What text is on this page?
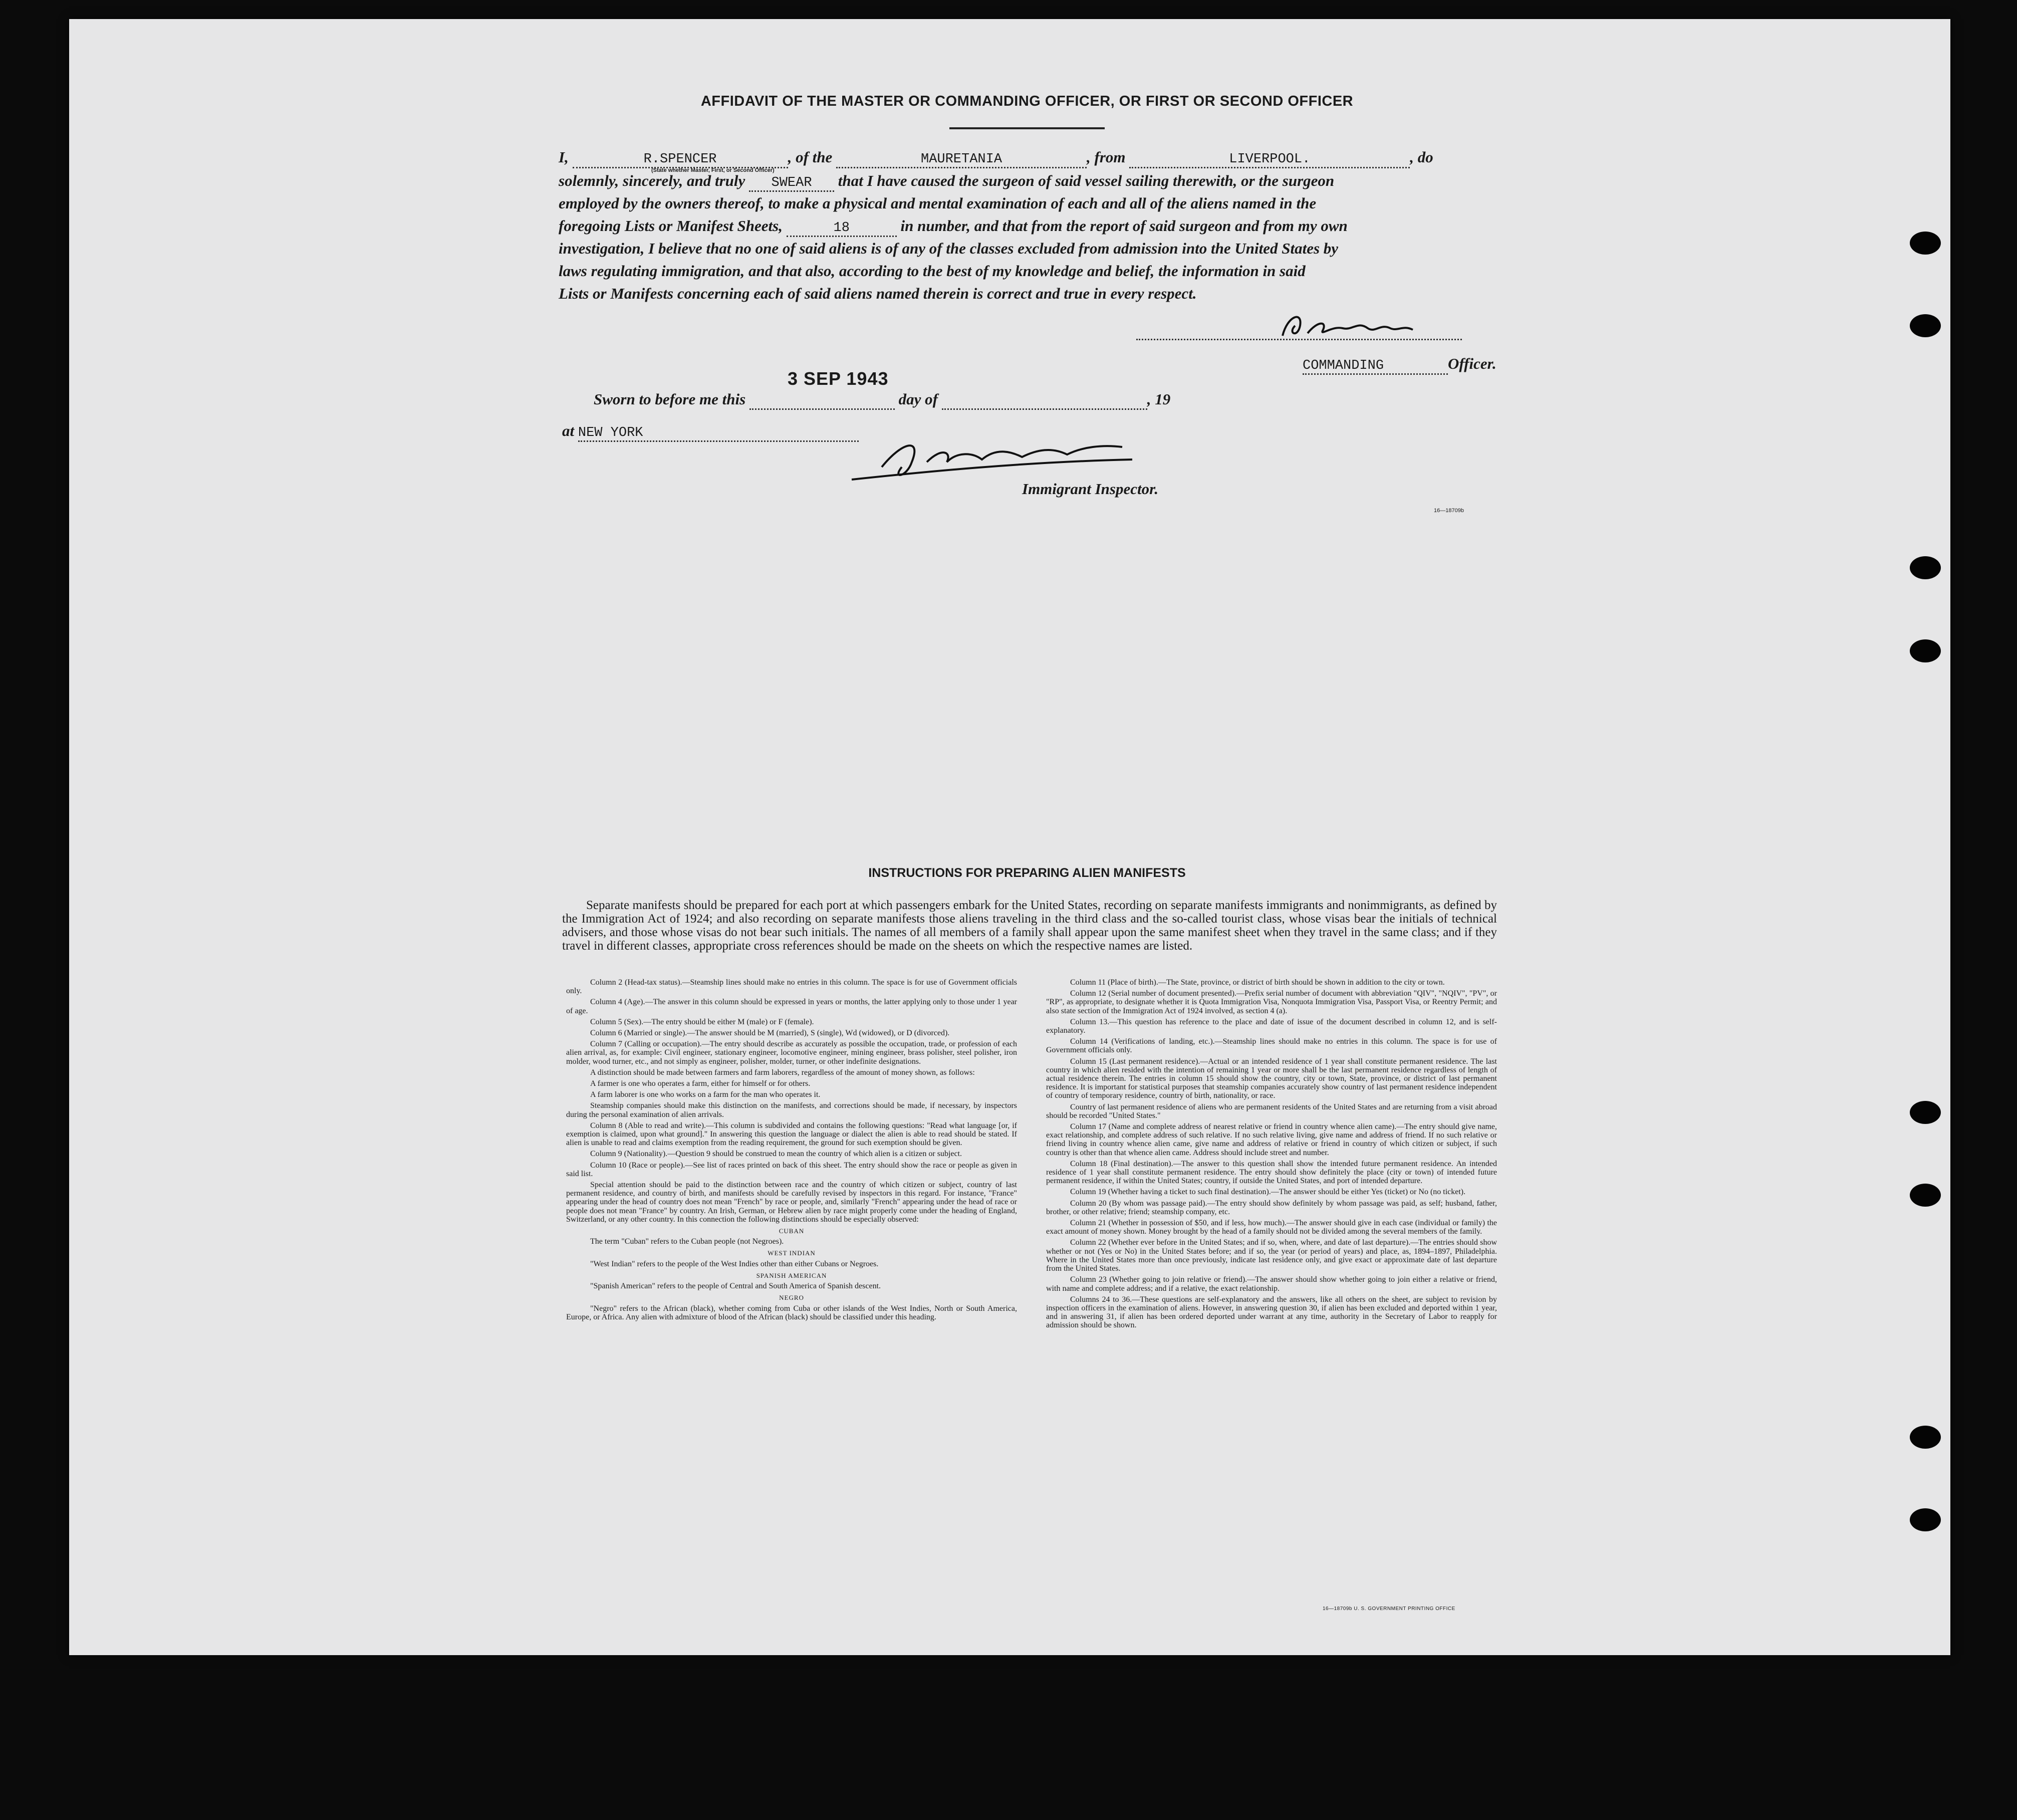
AFFIDAVIT OF THE MASTER OR COMMANDING OFFICER, OR FIRST OR SECOND OFFICER
I,	R.SPENCER	, of the	MAURETANIA	, from	LIVERPOOL.	, do
(State whether Master, First, or Second Officer)
solemnly, sincerely, and truly SWEAR that I have caused the surgeon of said vessel sailing therewith, or the surgeon
employed by the owners thereof, to make a physical and mental examination of each and all of the aliens named in the
foregoing Lists or Manifest Sheets,	18	in number, and that from the report of said surgeon and from my own
investigation, I believe that no one of said aliens is of any of the classes excluded from admission into the United States by
laws regulating immigration, and that also, according to the best of my knowledge and belief, the information in said
Lists or Manifests concerning each of said aliens named therein is correct and true in every respect.
COMMANDING	Officer.
3 SEP 1943
Sworn to before me this	day of	, 19
at NEW YORK
Immigrant Inspector.
16—18709b
INSTRUCTIONS FOR PREPARING ALIEN MANIFESTS
Separate manifests should be prepared for each port at which passengers embark for the United States, recording on separate manifests immigrants and nonimmigrants, as defined by the Immigration Act of 1924; and also recording on separate manifests those aliens traveling in the third class and the so-called tourist class, whose visas bear the initials of technical advisers, and those whose visas do not bear such initials. The names of all members of a family shall appear upon the same manifest sheet when they travel in the same class; and if they travel in different classes, appropriate cross references should be made on the sheets on which the respective names are listed.

Column 2 (Head-tax status).—Steamship lines should make no entries in this column. The space is for use of Government officials only.

Column 4 (Age).—The answer in this column should be expressed in years or months, the latter applying only to those under 1 year of age.

Column 5 (Sex).—The entry should be either M (male) or F (female).

Column 6 (Married or single).—The answer should be M (married), S (single), Wd (widowed), or D (divorced).

Column 7 (Calling or occupation).—The entry should describe as accurately as possible the occupation, trade, or profession of each alien arrival, as, for example: Civil engineer, stationary engineer, locomotive engineer, mining engineer, brass polisher, steel polisher, iron molder, wood turner, etc., and not simply as engineer, polisher, molder, turner, or other indefinite designations.

A distinction should be made between farmers and farm laborers, regardless of the amount of money shown, as follows:

A farmer is one who operates a farm, either for himself or for others.

A farm laborer is one who works on a farm for the man who operates it.

Steamship companies should make this distinction on the manifests, and corrections should be made, if necessary, by inspectors during the personal examination of alien arrivals.

Column 8 (Able to read and write).—This column is subdivided and contains the following questions: "Read what language [or, if exemption is claimed, upon what ground]." In answering this question the language or dialect the alien is able to read should be stated. If alien is unable to read and claims exemption from the reading requirement, the ground for such exemption should be given.

Column 9 (Nationality).—Question 9 should be construed to mean the country of which alien is a citizen or subject.

Column 10 (Race or people).—See list of races printed on back of this sheet. The entry should show the race or people as given in said list.

Special attention should be paid to the distinction between race and the country of which citizen or subject, country of last permanent residence, and country of birth, and manifests should be carefully revised by inspectors in this regard. For instance, "France" appearing under the head of country does not mean "French" by race or people, and, similarly "French" appearing under the head of race or people does not mean "France" by country. An Irish, German, or Hebrew alien by race might properly come under the heading of England, Switzerland, or any other country. In this connection the following distinctions should be especially observed:

CUBAN

The term "Cuban" refers to the Cuban people (not Negroes).

WEST INDIAN

"West Indian" refers to the people of the West Indies other than either Cubans or Negroes.

SPANISH AMERICAN

"Spanish American" refers to the people of Central and South America of Spanish descent.

NEGRO

"Negro" refers to the African (black), whether coming from Cuba or other islands of the West Indies, North or South America, Europe, or Africa. Any alien with admixture of blood of the African (black) should be classified under this heading.

Column 11 (Place of birth).—The State, province, or district of birth should be shown in addition to the city or town.

Column 12 (Serial number of document presented).—Prefix serial number of document with abbreviation "QIV", "NQIV", "PV", or "RP", as appropriate, to designate whether it is Quota Immigration Visa, Nonquota Immigration Visa, Passport Visa, or Reentry Permit; and also state section of the Immigration Act of 1924 involved, as section 4 (a).

Column 13.—This question has reference to the place and date of issue of the document described in column 12, and is self-explanatory.

Column 14 (Verifications of landing, etc.).—Steamship lines should make no entries in this column. The space is for use of Government officials only.

Column 15 (Last permanent residence).—Actual or an intended residence of 1 year shall constitute permanent residence. The last country in which alien resided with the intention of remaining 1 year or more shall be the last permanent residence regardless of length of actual residence therein. The entries in column 15 should show the country, city or town, State, province, or district of last permanent residence. It is important for statistical purposes that steamship companies accurately show country of last permanent residence independent of country of temporary residence, country of birth, nationality, or race.

Country of last permanent residence of aliens who are permanent residents of the United States and are returning from a visit abroad should be recorded "United States."

Column 17 (Name and complete address of nearest relative or friend in country whence alien came).—The entry should give name, exact relationship, and complete address of such relative. If no such relative living, give name and address of friend. If no such relative or friend living in country whence alien came, give name and address of relative or friend in country of which citizen or subject, if such country is other than that whence alien came. Address should include street and number.

Column 18 (Final destination).—The answer to this question shall show the intended future permanent residence. An intended residence of 1 year shall constitute permanent residence. The entry should show definitely the place (city or town) of intended future permanent residence, if within the United States; country, if outside the United States, and port of intended departure.

Column 19 (Whether having a ticket to such final destination).—The answer should be either Yes (ticket) or No (no ticket).

Column 20 (By whom was passage paid).—The entry should show definitely by whom passage was paid, as self; husband, father, brother, or other relative; friend; steamship company, etc.

Column 21 (Whether in possession of $50, and if less, how much).—The answer should give in each case (individual or family) the exact amount of money shown. Money brought by the head of a family should not be divided among the several members of the family.

Column 22 (Whether ever before in the United States; and if so, when, where, and date of last departure).—The entries should show whether or not (Yes or No) in the United States before; and if so, the year (or period of years) and place, as, 1894–1897, Philadelphia. Where in the United States more than once previously, indicate last residence only, and give exact or approximate date of last departure from the United States.

Column 23 (Whether going to join relative or friend).—The answer should show whether going to join either a relative or friend, with name and complete address; and if a relative, the exact relationship.

Columns 24 to 36.—These questions are self-explanatory and the answers, like all others on the sheet, are subject to revision by inspection officers in the examination of aliens. However, in answering question 30, if alien has been excluded and deported within 1 year, and in answering 31, if alien has been ordered deported under warrant at any time, authority in the Secretary of Labor to reapply for admission should be shown.

16—18709b U. S. GOVERNMENT PRINTING OFFICE
